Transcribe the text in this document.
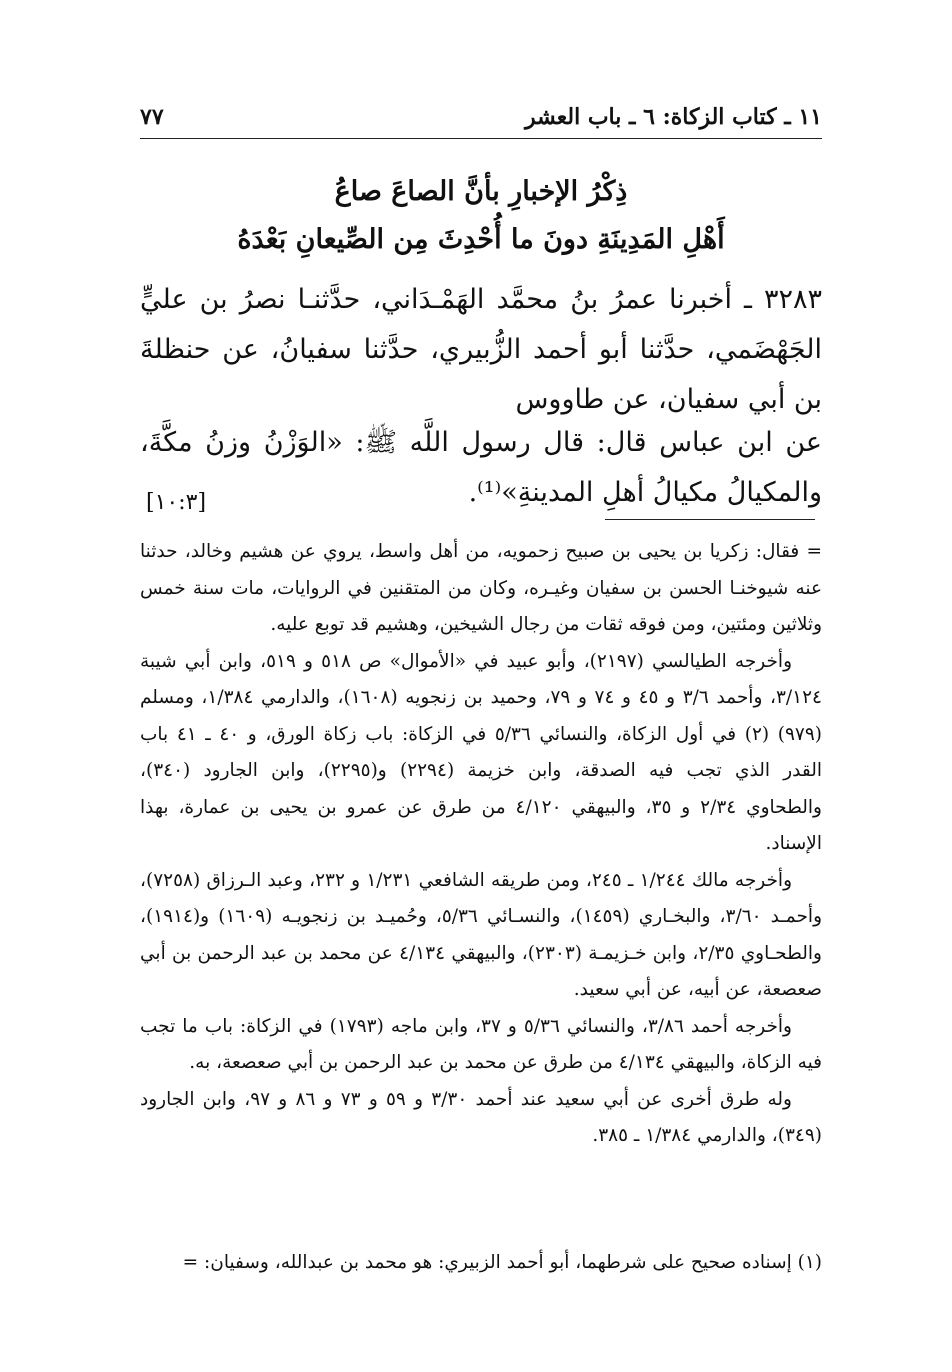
١١ ـ كتاب الزكاة: ٦ ـ باب العشر
٧٧
ذِكْرُ الإخبارِ بأنَّ الصاعَ صاعُ
أَهْلِ المَدِينَةِ دونَ ما أُحْدِثَ مِن الصِّيعانِ بَعْدَهُ
٣٢٨٣ ـ أخبرنا عمرُ بنُ محمَّد الهَمْـدَاني، حدَّثنـا نصرُ بن عليٍّ الجَهْضَمي، حدَّثنا أبو أحمد الزُّبيري، حدَّثنا سفيانُ، عن حنظلةَ بن أبي سفيان، عن طاووس
عن ابن عباس قال: قال رسول اللَّه ﷺ: «الوَزْنُ وزنُ مكَّةَ، والمكيالُ مكيالُ أهلِ المدينةِ»⁽¹⁾.
[١٠:٣]

= فقال: زكريا بن يحيى بن صبيح زحمويه، من أهل واسط، يروي عن هشيم وخالد، حدثنا عنه شيوخنـا الحسن بن سفيان وغيـره، وكان من المتقنين في الروايات، مات سنة خمس وثلاثين ومئتين، ومن فوقه ثقات من رجال الشيخين، وهشيم قد توبع عليه.

وأخرجه الطيالسي (٢١٩٧)، وأبو عبيد في «الأموال» ص ٥١٨ و ٥١٩، وابن أبي شيبة ٣/١٢٤، وأحمد ٣/٦ و ٤٥ و ٧٤ و ٧٩، وحميد بن زنجويه (١٦٠٨)، والدارمي ١/٣٨٤، ومسلم (٩٧٩) (٢) في أول الزكاة، والنسائي ٥/٣٦ في الزكاة: باب زكاة الورق، و ٤٠ ـ ٤١ باب القدر الذي تجب فيه الصدقة، وابن خزيمة (٢٢٩٤) و(٢٢٩٥)، وابن الجارود (٣٤٠)، والطحاوي ٢/٣٤ و ٣٥، والبيهقي ٤/١٢٠ من طرق عن عمرو بن يحيى بن عمارة، بهذا الإسناد.

وأخرجه مالك ١/٢٤٤ ـ ٢٤٥، ومن طريقه الشافعي ١/٢٣١ و ٢٣٢، وعبد الـرزاق (٧٢٥٨)، وأحمـد ٣/٦٠، والبخـاري (١٤٥٩)، والنسـائي ٥/٣٦، وحُميـد بن زنجويـه (١٦٠٩) و(١٩١٤)، والطحـاوي ٢/٣٥، وابن خـزيمـة (٢٣٠٣)، والبيهقي ٤/١٣٤ عن محمد بن عبد الرحمن بن أبي صعصعة، عن أبيه، عن أبي سعيد.

وأخرجه أحمد ٣/٨٦، والنسائي ٥/٣٦ و ٣٧، وابن ماجه (١٧٩٣) في الزكاة: باب ما تجب فيه الزكاة، والبيهقي ٤/١٣٤ من طرق عن محمد بن عبد الرحمن بن أبي صعصعة، به.

وله طرق أخرى عن أبي سعيد عند أحمد ٣/٣٠ و ٥٩ و ٧٣ و ٨٦ و ٩٧، وابن الجارود (٣٤٩)، والدارمي ١/٣٨٤ ـ ٣٨٥.

(١) إسناده صحيح على شرطهما، أبو أحمد الزبيري: هو محمد بن عبدالله، وسفيان: =
